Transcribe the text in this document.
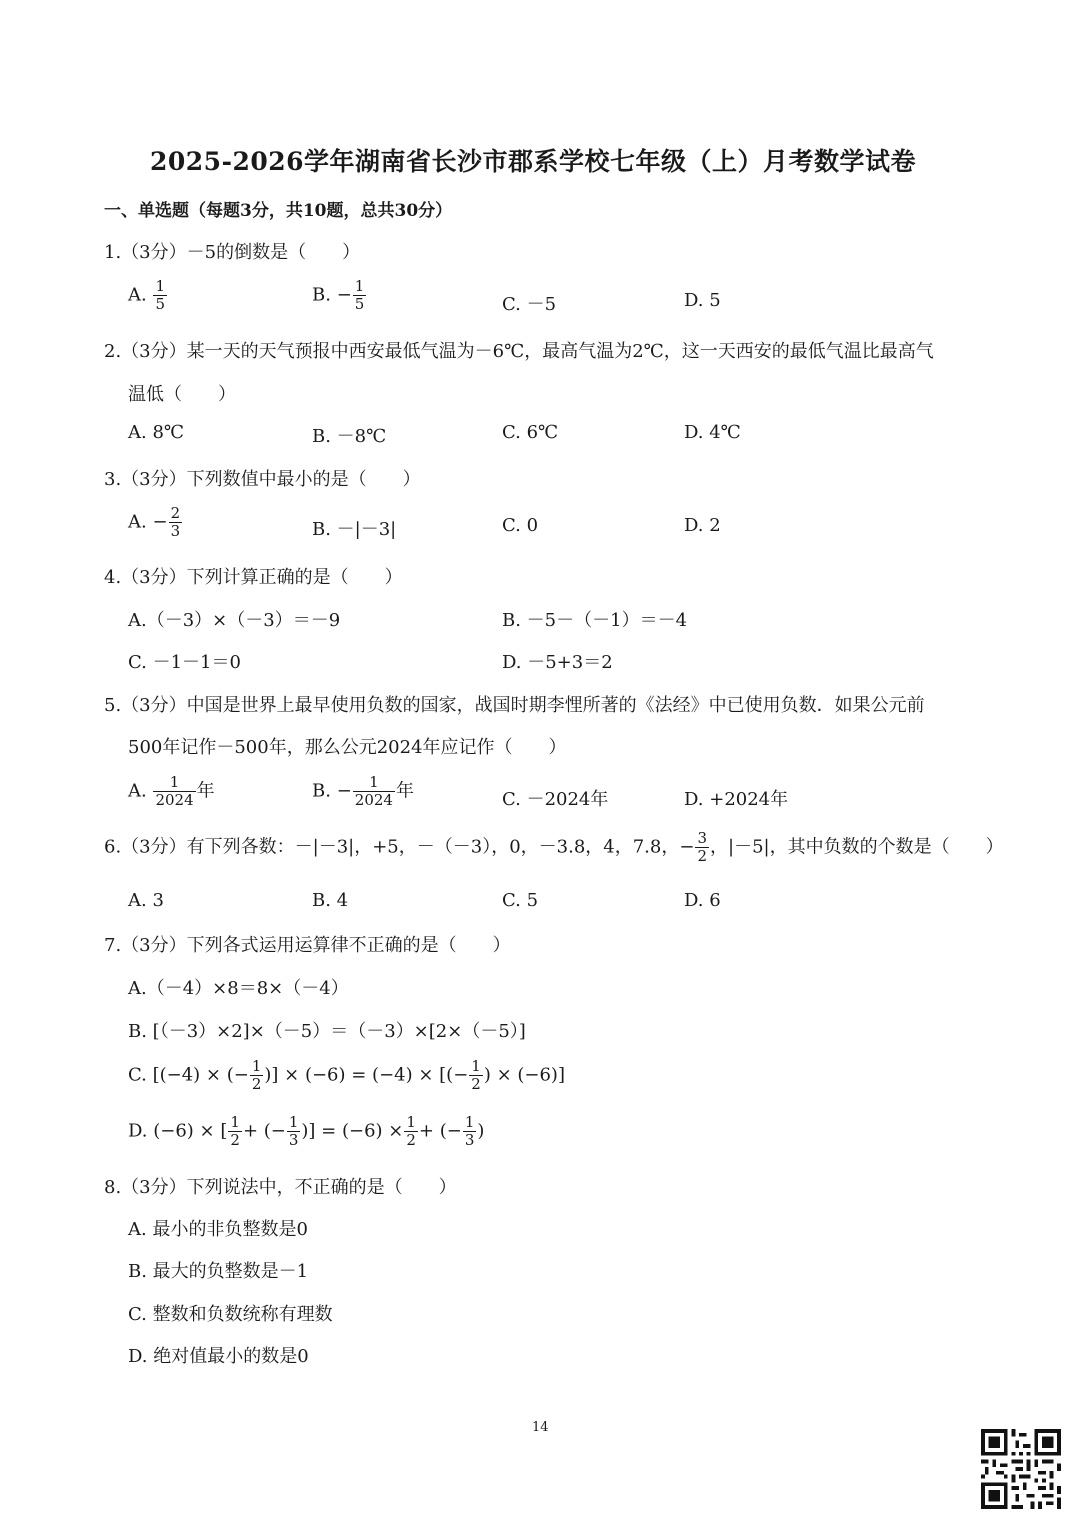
2025-2026学年湖南省长沙市郡系学校七年级（上）月考数学试卷
一、单选题（每题3分，共10题，总共30分）
1.（3分）－5的倒数是（　　）
A. $\frac{1}{5}$	B. − $\frac{1}{5}$	C. －5	D. 5
2.（3分）某一天的天气预报中西安最低气温为－6℃，最高气温为2℃，这一天西安的最低气温比最高气
温低（　　）
A. 8℃	B. －8℃	C. 6℃	D. 4℃
3.（3分）下列数值中最小的是（　　）
A. − $\frac{2}{3}$	B. －|－3|	C. 0	D. 2
4.（3分）下列计算正确的是（　　）
A.（－3）×（－3）＝－9	B. －5－（－1）＝－4
C. －1－1＝0	D. －5+3＝2
5.（3分）中国是世界上最早使用负数的国家，战国时期李悝所著的《法经》中已使用负数．如果公元前
500年记作－500年，那么公元2024年应记作（　　）
A. $\frac{1}{2024}$ 年	B. − $\frac{1}{2024}$ 年	C. －2024年	D. +2024年
6.（3分）有下列各数：－|－3|，+5，－（－3），0，－3.8，4，7.8，− $\frac{3}{2}$ ，|－5|，其中负数的个数是（　　）
A. 3	B. 4	C. 5	D. 6
7.（3分）下列各式运用运算律不正确的是（　　）
A.（－4）×8＝8×（－4）
B. [（－3）×2]×（－5）＝（－3）×[2×（－5）]
C. [(−4) × (− $\frac{1}{2}$ )] × (−6) = (−4) × [(− $\frac{1}{2}$ ) × (−6)]
D. (−6) × [ $\frac{1}{2}$ + (− $\frac{1}{3}$ )] = $(-6) \times \frac{1}{2}$ + (− $\frac{1}{3}$ )
8.（3分）下列说法中，不正确的是（　　）
A. 最小的非负整数是0
B. 最大的负整数是－1
C. 整数和负数统称有理数
D. 绝对值最小的数是0
14
